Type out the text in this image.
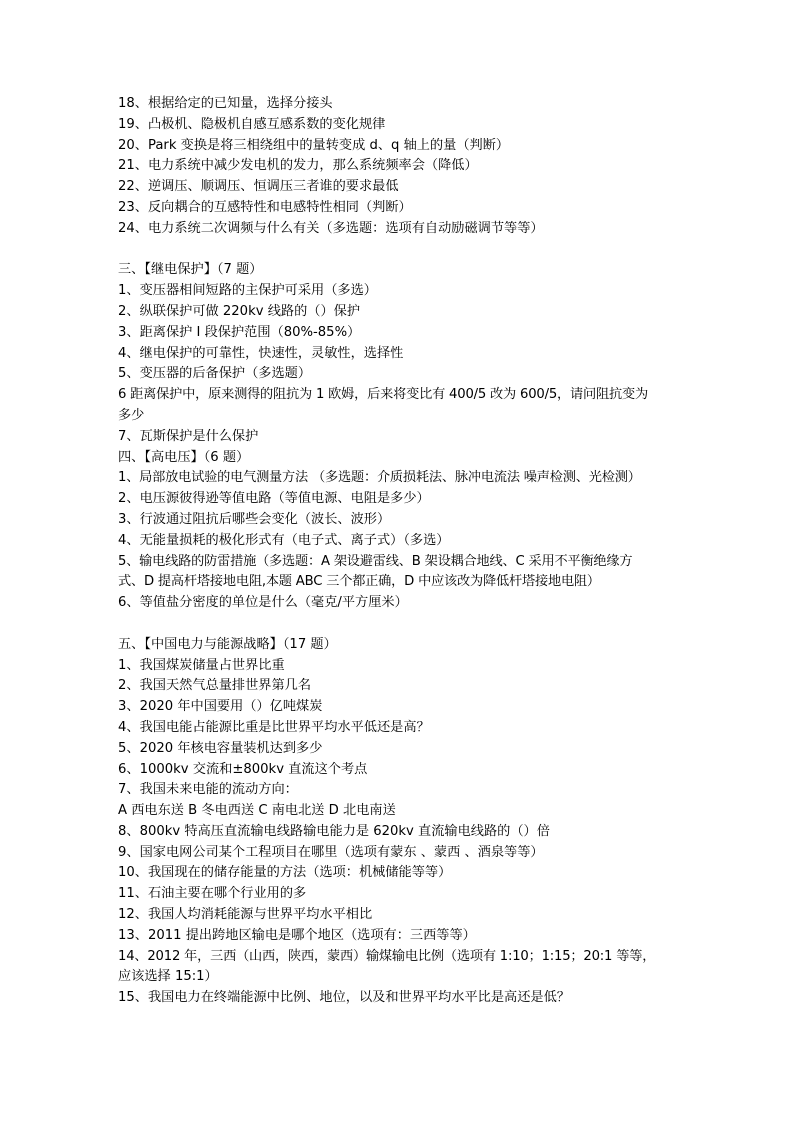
18、根据给定的已知量，选择分接头
19、凸极机、隐极机自感互感系数的变化规律
20、Park 变换是将三相绕组中的量转变成 d、q 轴上的量（判断）
21、电力系统中减少发电机的发力，那么系统频率会（降低）
22、逆调压、顺调压、恒调压三者谁的要求最低
23、反向耦合的互感特性和电感特性相同（判断）
24、电力系统二次调频与什么有关（多选题：选项有自动励磁调节等等）
三、【继电保护】（7 题）
1、变压器相间短路的主保护可采用（多选）
2、纵联保护可做 220kv 线路的（）保护
3、距离保护 I 段保护范围（80%-85%）
4、继电保护的可靠性，快速性，灵敏性，选择性
5、变压器的后备保护（多选题）
6 距离保护中，原来测得的阻抗为 1 欧姆，后来将变比有 400/5 改为 600/5，请问阻抗变为
多少
7、瓦斯保护是什么保护
四、【高电压】（6 题）
1、局部放电试验的电气测量方法 （多选题：介质损耗法、脉冲电流法 噪声检测、光检测）
2、电压源彼得逊等值电路（等值电源、电阻是多少）
3、行波通过阻抗后哪些会变化（波长、波形）
4、无能量损耗的极化形式有（电子式、离子式）（多选）
5、输电线路的防雷措施（多选题：A 架设避雷线、B 架设耦合地线、C 采用不平衡绝缘方
式、D 提高杆塔接地电阻,本题 ABC 三个都正确，D 中应该改为降低杆塔接地电阻）
6、等值盐分密度的单位是什么（毫克/平方厘米）
五、【中国电力与能源战略】（17 题）
1、我国煤炭储量占世界比重
2、我国天然气总量排世界第几名
3、2020 年中国要用（）亿吨煤炭
4、我国电能占能源比重是比世界平均水平低还是高？
5、2020 年核电容量装机达到多少
6、1000kv 交流和±800kv 直流这个考点
7、我国未来电能的流动方向：
A 西电东送 B 冬电西送 C 南电北送 D 北电南送
8、800kv 特高压直流输电线路输电能力是 620kv 直流输电线路的（）倍
9、国家电网公司某个工程项目在哪里（选项有蒙东 、蒙西 、酒泉等等）
10、我国现在的储存能量的方法（选项：机械储能等等）
11、石油主要在哪个行业用的多
12、我国人均消耗能源与世界平均水平相比
13、2011 提出跨地区输电是哪个地区（选项有：三西等等）
14、2012 年，三西（山西，陕西，蒙西）输煤输电比例（选项有 1:10；1:15；20:1 等等，
应该选择 15:1）
15、我国电力在终端能源中比例、地位，以及和世界平均水平比是高还是低？
